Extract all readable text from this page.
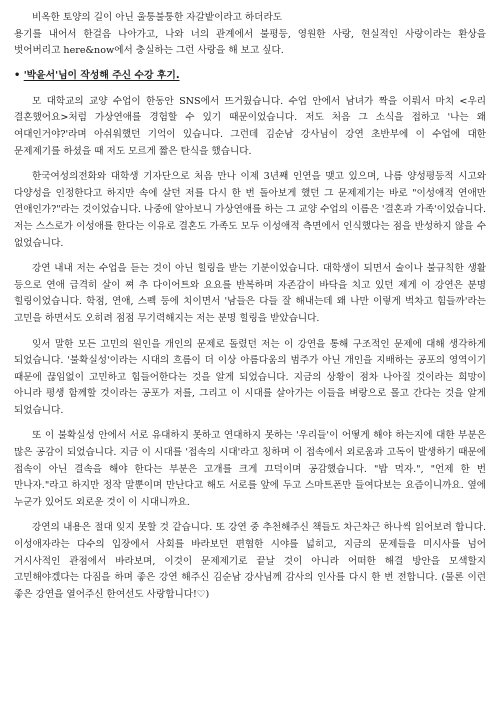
비옥한 토양의 길이 아닌 울퉁불퉁한 자갈밭이라고 하더라도

용기를 내어서 한걸음 나아가고, 나와 너의 관계에서 불평등, 영원한 사랑, 현실적인 사랑이라는 환상을 벗어버리고 here&now에서 충실하는 그런 사랑을 해 보고 싶다.

• '박윤서'님이 작성해 주신 수강 후기.

모 대학교의 교양 수업이 한동안 SNS에서 뜨거웠습니다. 수업 안에서 남녀가 짝을 이뤄서 마치 <우리 결혼했어요>처럼 가상연애를 경험할 수 있기 때문이었습니다. 저도 처음 그 소식을 접하고 '나는 왜 여대인거야?'라며 아쉬워했던 기억이 있습니다. 그런데 김순남 강사님이 강연 초반부에 이 수업에 대한 문제제기를 하셨을 때 저도 모르게 짧은 탄식을 했습니다.

한국여성의전화와 대학생 기자단으로 처음 만나 이제 3년째 인연을 맺고 있으며, 나름 양성평등적 시고와 다양성을 인정한다고 하지만 속에 살던 저를 다시 한 번 돌아보게 했던 그 문제제기는 바로 "이성애적 연애만 연애인가?"라는 것이었습니다. 나중에 알아보니 가상연애를 하는 그 교양 수업의 이름은 '결혼과 가족'이었습니다. 저는 스스로가 이성애를 한다는 이유로 결혼도 가족도 모두 이성애적 측면에서 인식했다는 점을 반성하지 않을 수 없었습니다.

강연 내내 저는 수업을 듣는 것이 아닌 힐링을 받는 기분이었습니다. 대학생이 되면서 술이나 불규칙한 생활 등으로 연애 급격히 살이 쪄 추 다이어트와 요요를 반복하며 자존감이 바닥을 치고 있던 제게 이 강연은 분명 힐링이었습니다. 학점, 연애, 스펙 등에 치이면서 '남들은 다들 잘 해내는데 왜 나만 이렇게 벅차고 힘들까'라는 고민을 하면서도 오히려 점점 무기력해지는 저는 분명 힐링을 받았습니다.

잊서 말한 모든 고민의 원인을 개인의 문제로 돌렸던 저는 이 강연을 통해 구조적인 문제에 대해 생각하게 되었습니다. '불확실성'이라는 시대의 흐름이 더 이상 아름다움의 범주가 아닌 개인을 지배하는 공포의 영역이기 때문에 끊임없이 고민하고 힘들어한다는 것을 알게 되었습니다. 지금의 상황이 점차 나아질 것이라는 희망이 아니라 평생 함께할 것이라는 공포가 저를, 그리고 이 시대를 살아가는 이들을 벼랑으로 몰고 간다는 것을 알게 되었습니다.

또 이 불확실성 안에서 서로 유대하지 못하고 연대하지 못하는 '우리들'이 어떻게 해야 하는지에 대한 부분은 많은 공감이 되었습니다. 지금 이 시대를 '접속의 시대'라고 칭하며 이 접속에서 외로움과 고독이 발생하기 때문에 접속이 아닌 결속을 해야 한다는 부분은 고개를 크게 끄덕이며 공감했습니다. "밥 먹자.", "언제 한 번 만나자."라고 하지만 정작 말뿐이며 만난다고 해도 서로를 앞에 두고 스마트폰만 들여다보는 요즘이니까요. 옆에 누군가 있어도 외로운 것이 이 시대니까요.

강연의 내용은 절대 잊지 못할 것 같습니다. 또 강연 중 추천해주신 책들도 차근차근 하나씩 읽어보려 합니다. 이성애자라는 다수의 입장에서 사회를 바라보던 편협한 시야를 넓히고, 지금의 문제들을 미시사를 넘어 거시사적인 관점에서 바라보며, 이것이 문제제기로 끝날 것이 아니라 어떠한 해결 방안을 모색할지 고민해야겠다는 다짐을 하며 좋은 강연 해주신 김순남 강사님께 감사의 인사를 다시 한 번 전합니다. (물론 이런 좋은 강연을 열어주신 한여선도 사랑합니다!♡)
